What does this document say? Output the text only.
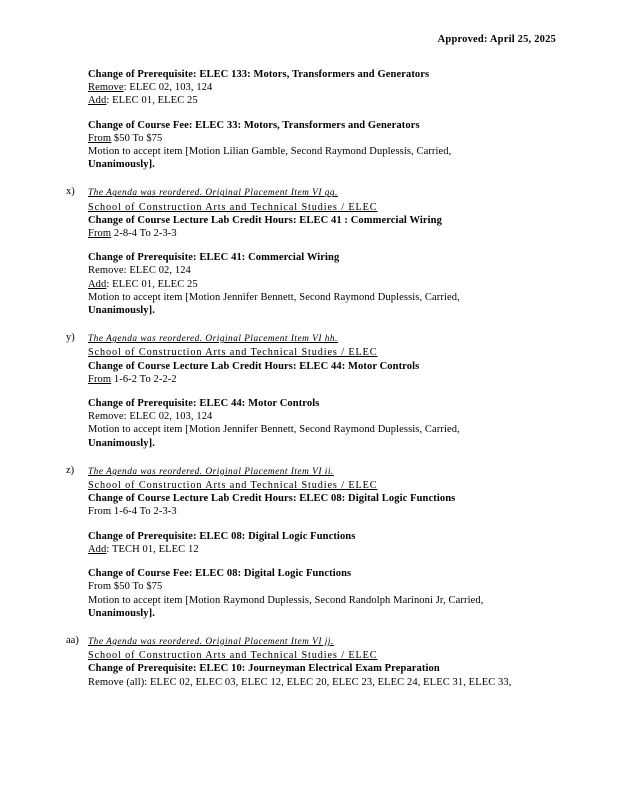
Approved: April 25, 2025
Change of Prerequisite: ELEC 133: Motors, Transformers and Generators
Remove: ELEC 02, 103, 124
Add: ELEC 01, ELEC 25
Change of Course Fee: ELEC 33: Motors, Transformers and Generators
From $50 To $75
Motion to accept item [Motion Lilian Gamble, Second Raymond Duplessis, Carried,
Unanimously].
x) The Agenda was reordered. Original Placement Item VI gg.
School of Construction Arts and Technical Studies / ELEC
Change of Course Lecture Lab Credit Hours: ELEC 41 : Commercial Wiring
From 2-8-4 To 2-3-3
Change of Prerequisite: ELEC 41: Commercial Wiring
Remove: ELEC 02, 124
Add: ELEC 01, ELEC 25
Motion to accept item [Motion Jennifer Bennett, Second Raymond Duplessis, Carried,
Unanimously].
y) The Agenda was reordered. Original Placement Item VI hh.
School of Construction Arts and Technical Studies / ELEC
Change of Course Lecture Lab Credit Hours: ELEC 44: Motor Controls
From 1-6-2 To 2-2-2
Change of Prerequisite: ELEC 44: Motor Controls
Remove: ELEC 02, 103, 124
Motion to accept item [Motion Jennifer Bennett, Second Raymond Duplessis, Carried,
Unanimously].
z) The Agenda was reordered. Original Placement Item VI ii.
School of Construction Arts and Technical Studies / ELEC
Change of Course Lecture Lab Credit Hours: ELEC 08: Digital Logic Functions
From 1-6-4 To 2-3-3
Change of Prerequisite: ELEC 08: Digital Logic Functions
Add: TECH 01, ELEC 12
Change of Course Fee: ELEC 08: Digital Logic Functions
From $50 To $75
Motion to accept item [Motion Raymond Duplessis, Second Randolph Marinoni Jr, Carried,
Unanimously].
aa) The Agenda was reordered. Original Placement Item VI jj.
School of Construction Arts and Technical Studies / ELEC
Change of Prerequisite: ELEC 10: Journeyman Electrical Exam Preparation
Remove (all): ELEC 02, ELEC 03, ELEC 12, ELEC 20, ELEC 23, ELEC 24, ELEC 31, ELEC 33,
